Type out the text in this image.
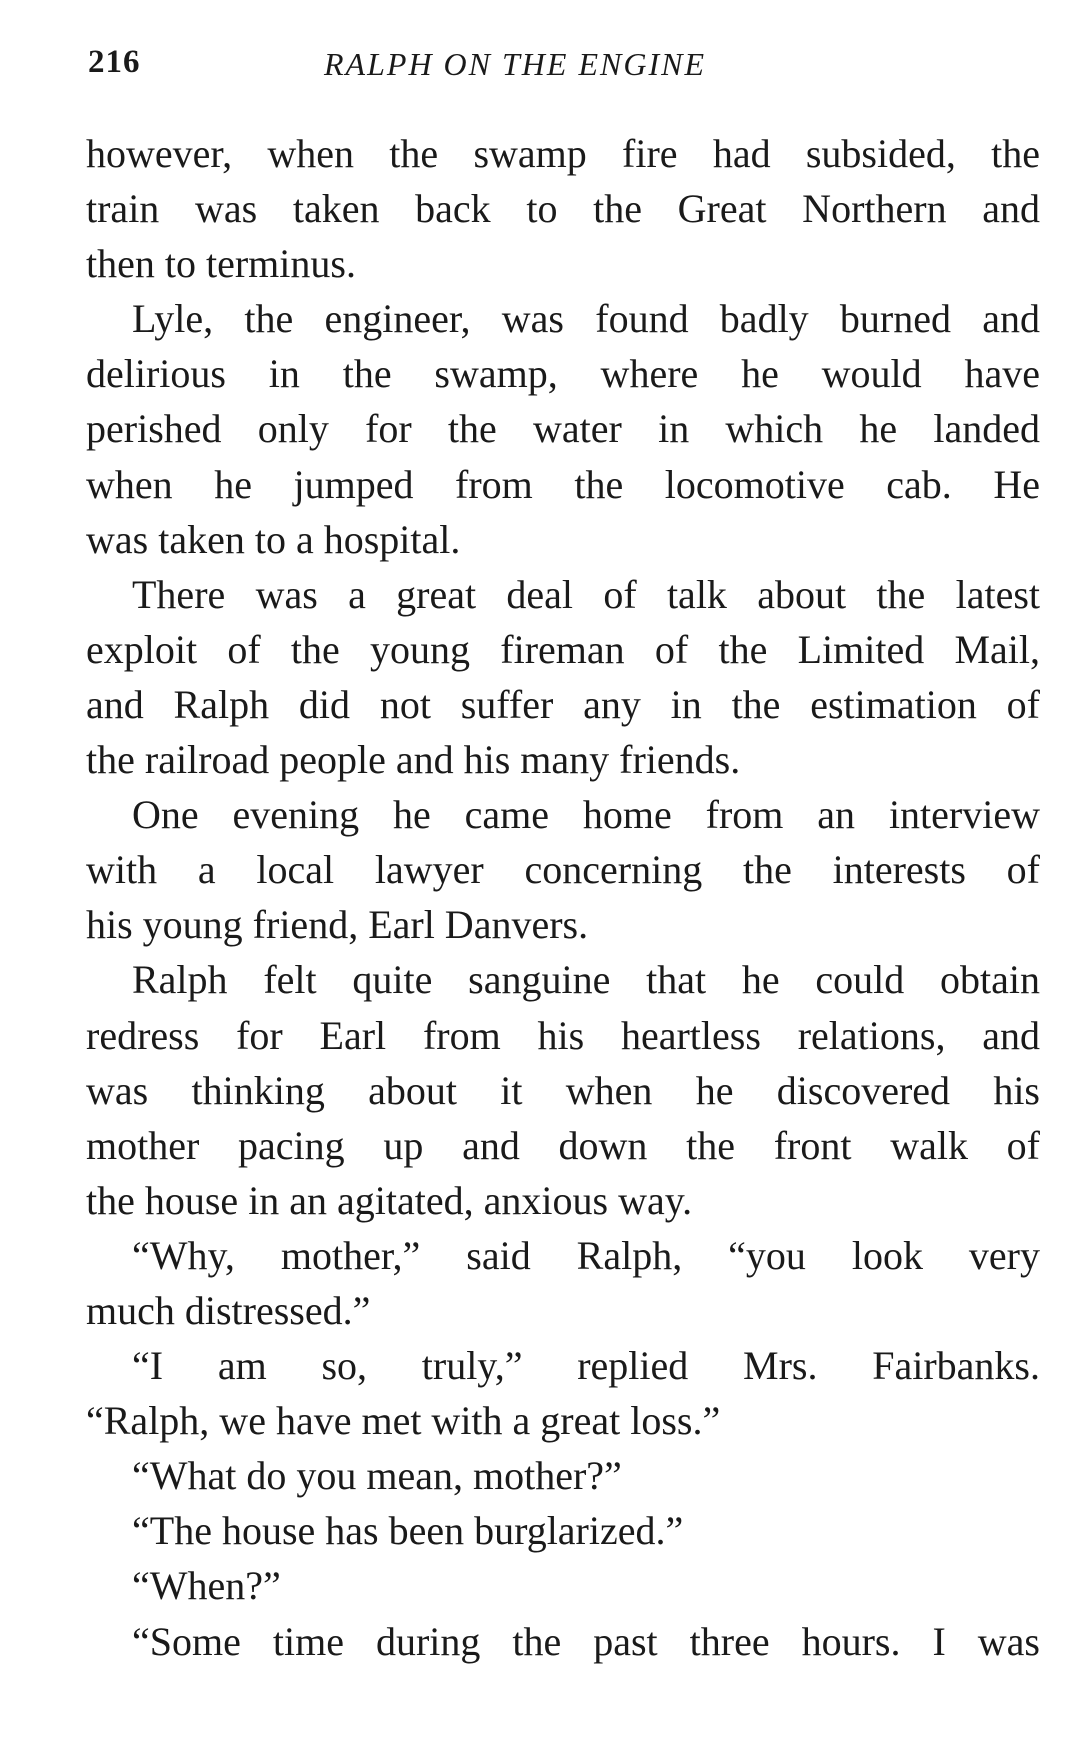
216	RALPH ON THE ENGINE
however, when the swamp fire had subsided, the
train was taken back to the Great Northern and
then to terminus.
Lyle, the engineer, was found badly burned and
delirious in the swamp, where he would have
perished only for the water in which he landed
when he jumped from the locomotive cab. He
was taken to a hospital.
There was a great deal of talk about the latest
exploit of the young fireman of the Limited Mail,
and Ralph did not suffer any in the estimation of
the railroad people and his many friends.
One evening he came home from an interview
with a local lawyer concerning the interests of
his young friend, Earl Danvers.
Ralph felt quite sanguine that he could obtain
redress for Earl from his heartless relations, and
was thinking about it when he discovered his
mother pacing up and down the front walk of
the house in an agitated, anxious way.
“Why, mother,” said Ralph, “you look very
much distressed.”
“I am so, truly,” replied Mrs. Fairbanks.
“Ralph, we have met with a great loss.”
“What do you mean, mother?”
“The house has been burglarized.”
“When?”
“Some time during the past three hours. I was
